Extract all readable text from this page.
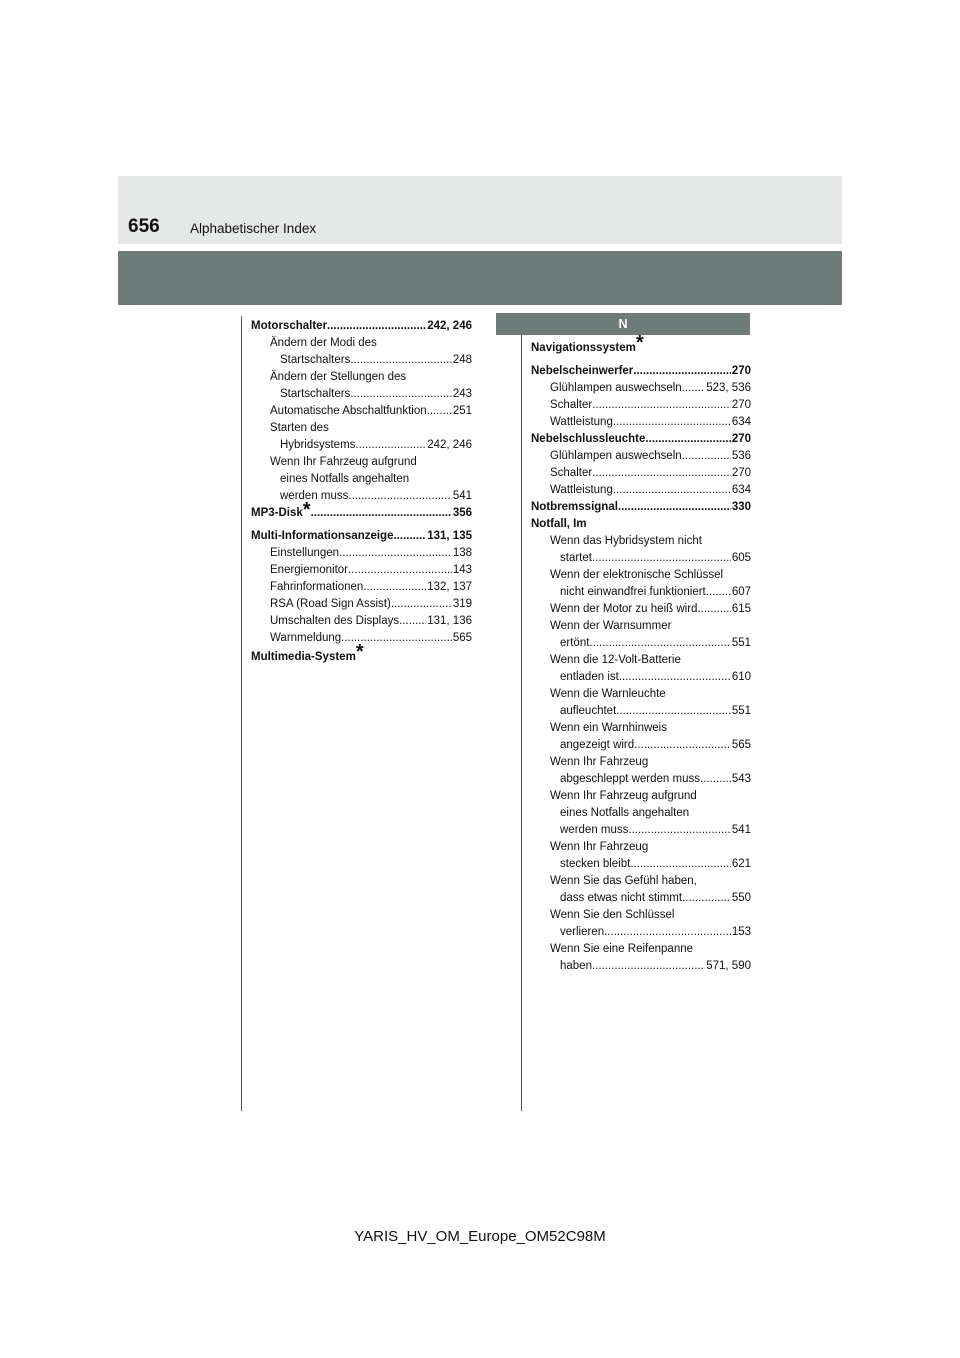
656 Alphabetischer Index
N
Motorschalter .....	242, 246
Ändern der Modi des
Startschalters .....	248
Ändern der Stellungen des
Startschalters .....	243
Automatische Abschaltfunktion ..... 251
Starten des
Hybridsystems .....	242, 246
Wenn Ihr Fahrzeug aufgrund
eines Notfalls angehalten
werden muss .....	541
MP3-Disk * .....	356
Multi-Informationsanzeige .....	131, 135
Einstellungen .....	138
Energiemonitor .....	143
Fahrinformationen .....	132, 137
RSA (Road Sign Assist) .....	319
Umschalten des Displays ..... 131, 136
Warnmeldung .....	565
Multimedia-System*
Navigationssystem*
Nebelscheinwerfer .....	270
Glühlampen auswechseln ..... 523, 536
Schalter .....	270
Wattleistung .....	634
Nebelschlussleuchte .....	270
Glühlampen auswechseln .....	536
Schalter .....	270
Wattleistung .....	634
Notbremssignal .....	330
Notfall, Im
Wenn das Hybridsystem nicht
startet .....	605
Wenn der elektronische Schlüssel
nicht einwandfrei funktioniert ..... 607
Wenn der Motor zu heiß wird .....	615
Wenn der Warnsummer
ertönt .....	551
Wenn die 12-Volt-Batterie
entladen ist .....	610
Wenn die Warnleuchte
aufleuchtet .....	551
Wenn ein Warnhinweis
angezeigt wird .....	565
Wenn Ihr Fahrzeug
abgeschleppt werden muss .....	543
Wenn Ihr Fahrzeug aufgrund
eines Notfalls angehalten
werden muss .....	541
Wenn Ihr Fahrzeug
stecken bleibt .....	621
Wenn Sie das Gefühl haben,
dass etwas nicht stimmt .....	550
Wenn Sie den Schlüssel
verlieren .....	153
Wenn Sie eine Reifenpanne
haben .....	571, 590
YARIS_HV_OM_Europe_OM52C98M
